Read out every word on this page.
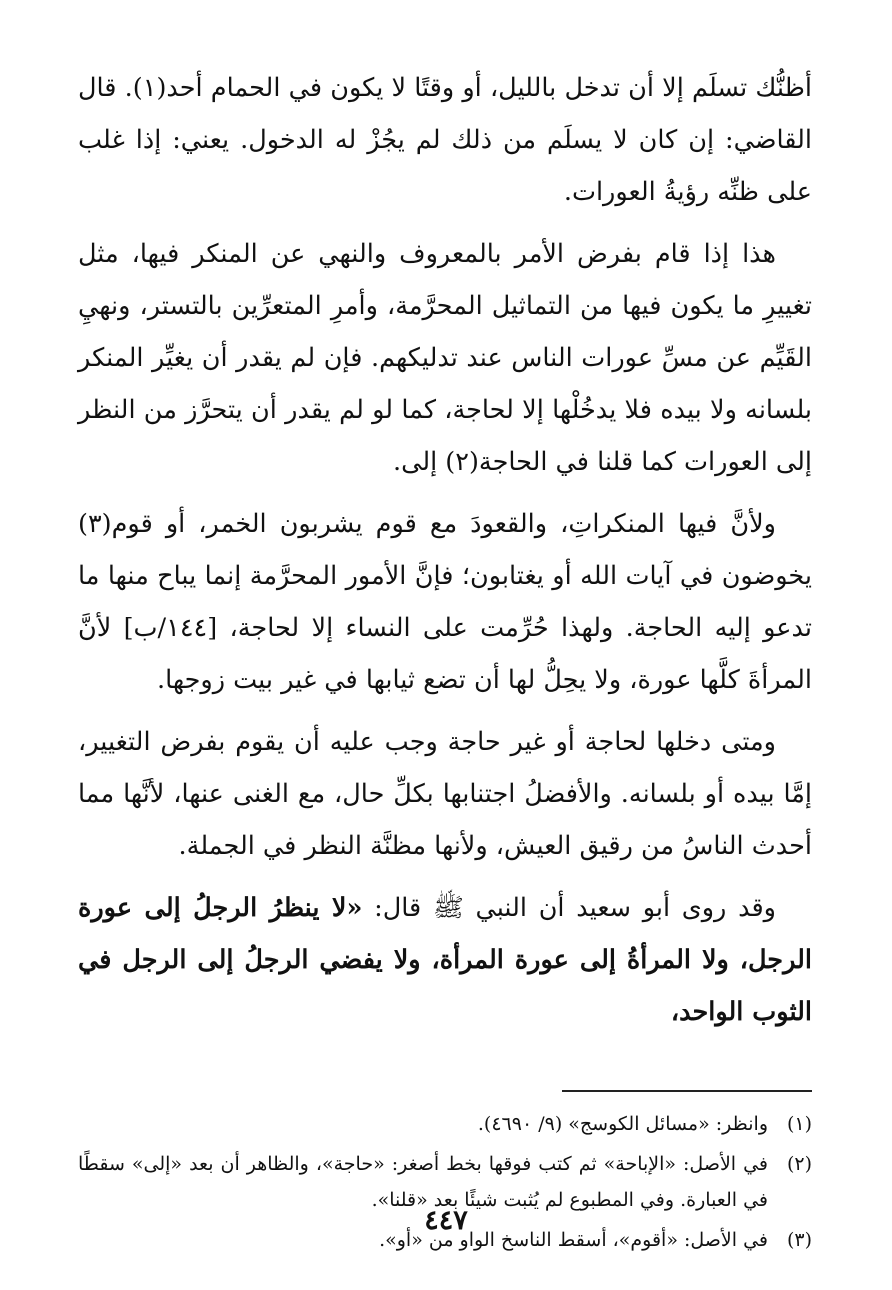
أظنُّك تسلَم إلا أن تدخل بالليل، أو وقتًا لا يكون في الحمام أحد(١). قال القاضي: إن كان لا يسلَم من ذلك لم يجُزْ له الدخول. يعني: إذا غلب على ظنِّه رؤيةُ العورات.

هذا إذا قام بفرض الأمر بالمعروف والنهي عن المنكر فيها، مثل تغييرِ ما يكون فيها من التماثيل المحرَّمة، وأمرِ المتعرِّين بالتستر، ونهيِ القَيِّم عن مسِّ عورات الناس عند تدليكهم. فإن لم يقدر أن يغيِّر المنكر بلسانه ولا بيده فلا يدخُلْها إلا لحاجة، كما لو لم يقدر أن يتحرَّز من النظر إلى العورات كما قلنا في الحاجة(٢) إلى.

ولأنَّ فيها المنكراتِ، والقعودَ مع قوم يشربون الخمر، أو قوم(٣) يخوضون في آيات الله أو يغتابون؛ فإنَّ الأمور المحرَّمة إنما يباح منها ما تدعو إليه الحاجة. ولهذا حُرِّمت على النساء إلا لحاجة، [١٤٤/ب] لأنَّ المرأةَ كلَّها عورة، ولا يحِلُّ لها أن تضع ثيابها في غير بيت زوجها.

ومتى دخلها لحاجة أو غير حاجة وجب عليه أن يقوم بفرض التغيير، إمَّا بيده أو بلسانه. والأفضلُ اجتنابها بكلِّ حال، مع الغنى عنها، لأنَّها مما أحدث الناسُ من رقيق العيش، ولأنها مظنَّة النظر في الجملة.

وقد روى أبو سعيد أن النبي ﷺ قال: «لا ينظرُ الرجلُ إلى عورة الرجل، ولا المرأةُ إلى عورة المرأة، ولا يفضي الرجلُ إلى الرجل في الثوب الواحد،

(١)
وانظر: «مسائل الكوسج» (٩/ ٤٦٩٠).
(٢)
في الأصل: «الإباحة» ثم كتب فوقها بخط أصغر: «حاجة»، والظاهر أن بعد «إلى» سقطًا في العبارة. وفي المطبوع لم يُثبت شيئًا بعد «قلنا».
(٣)
في الأصل: «أقوم»، أسقط الناسخ الواو من «أو».
٤٤٧
